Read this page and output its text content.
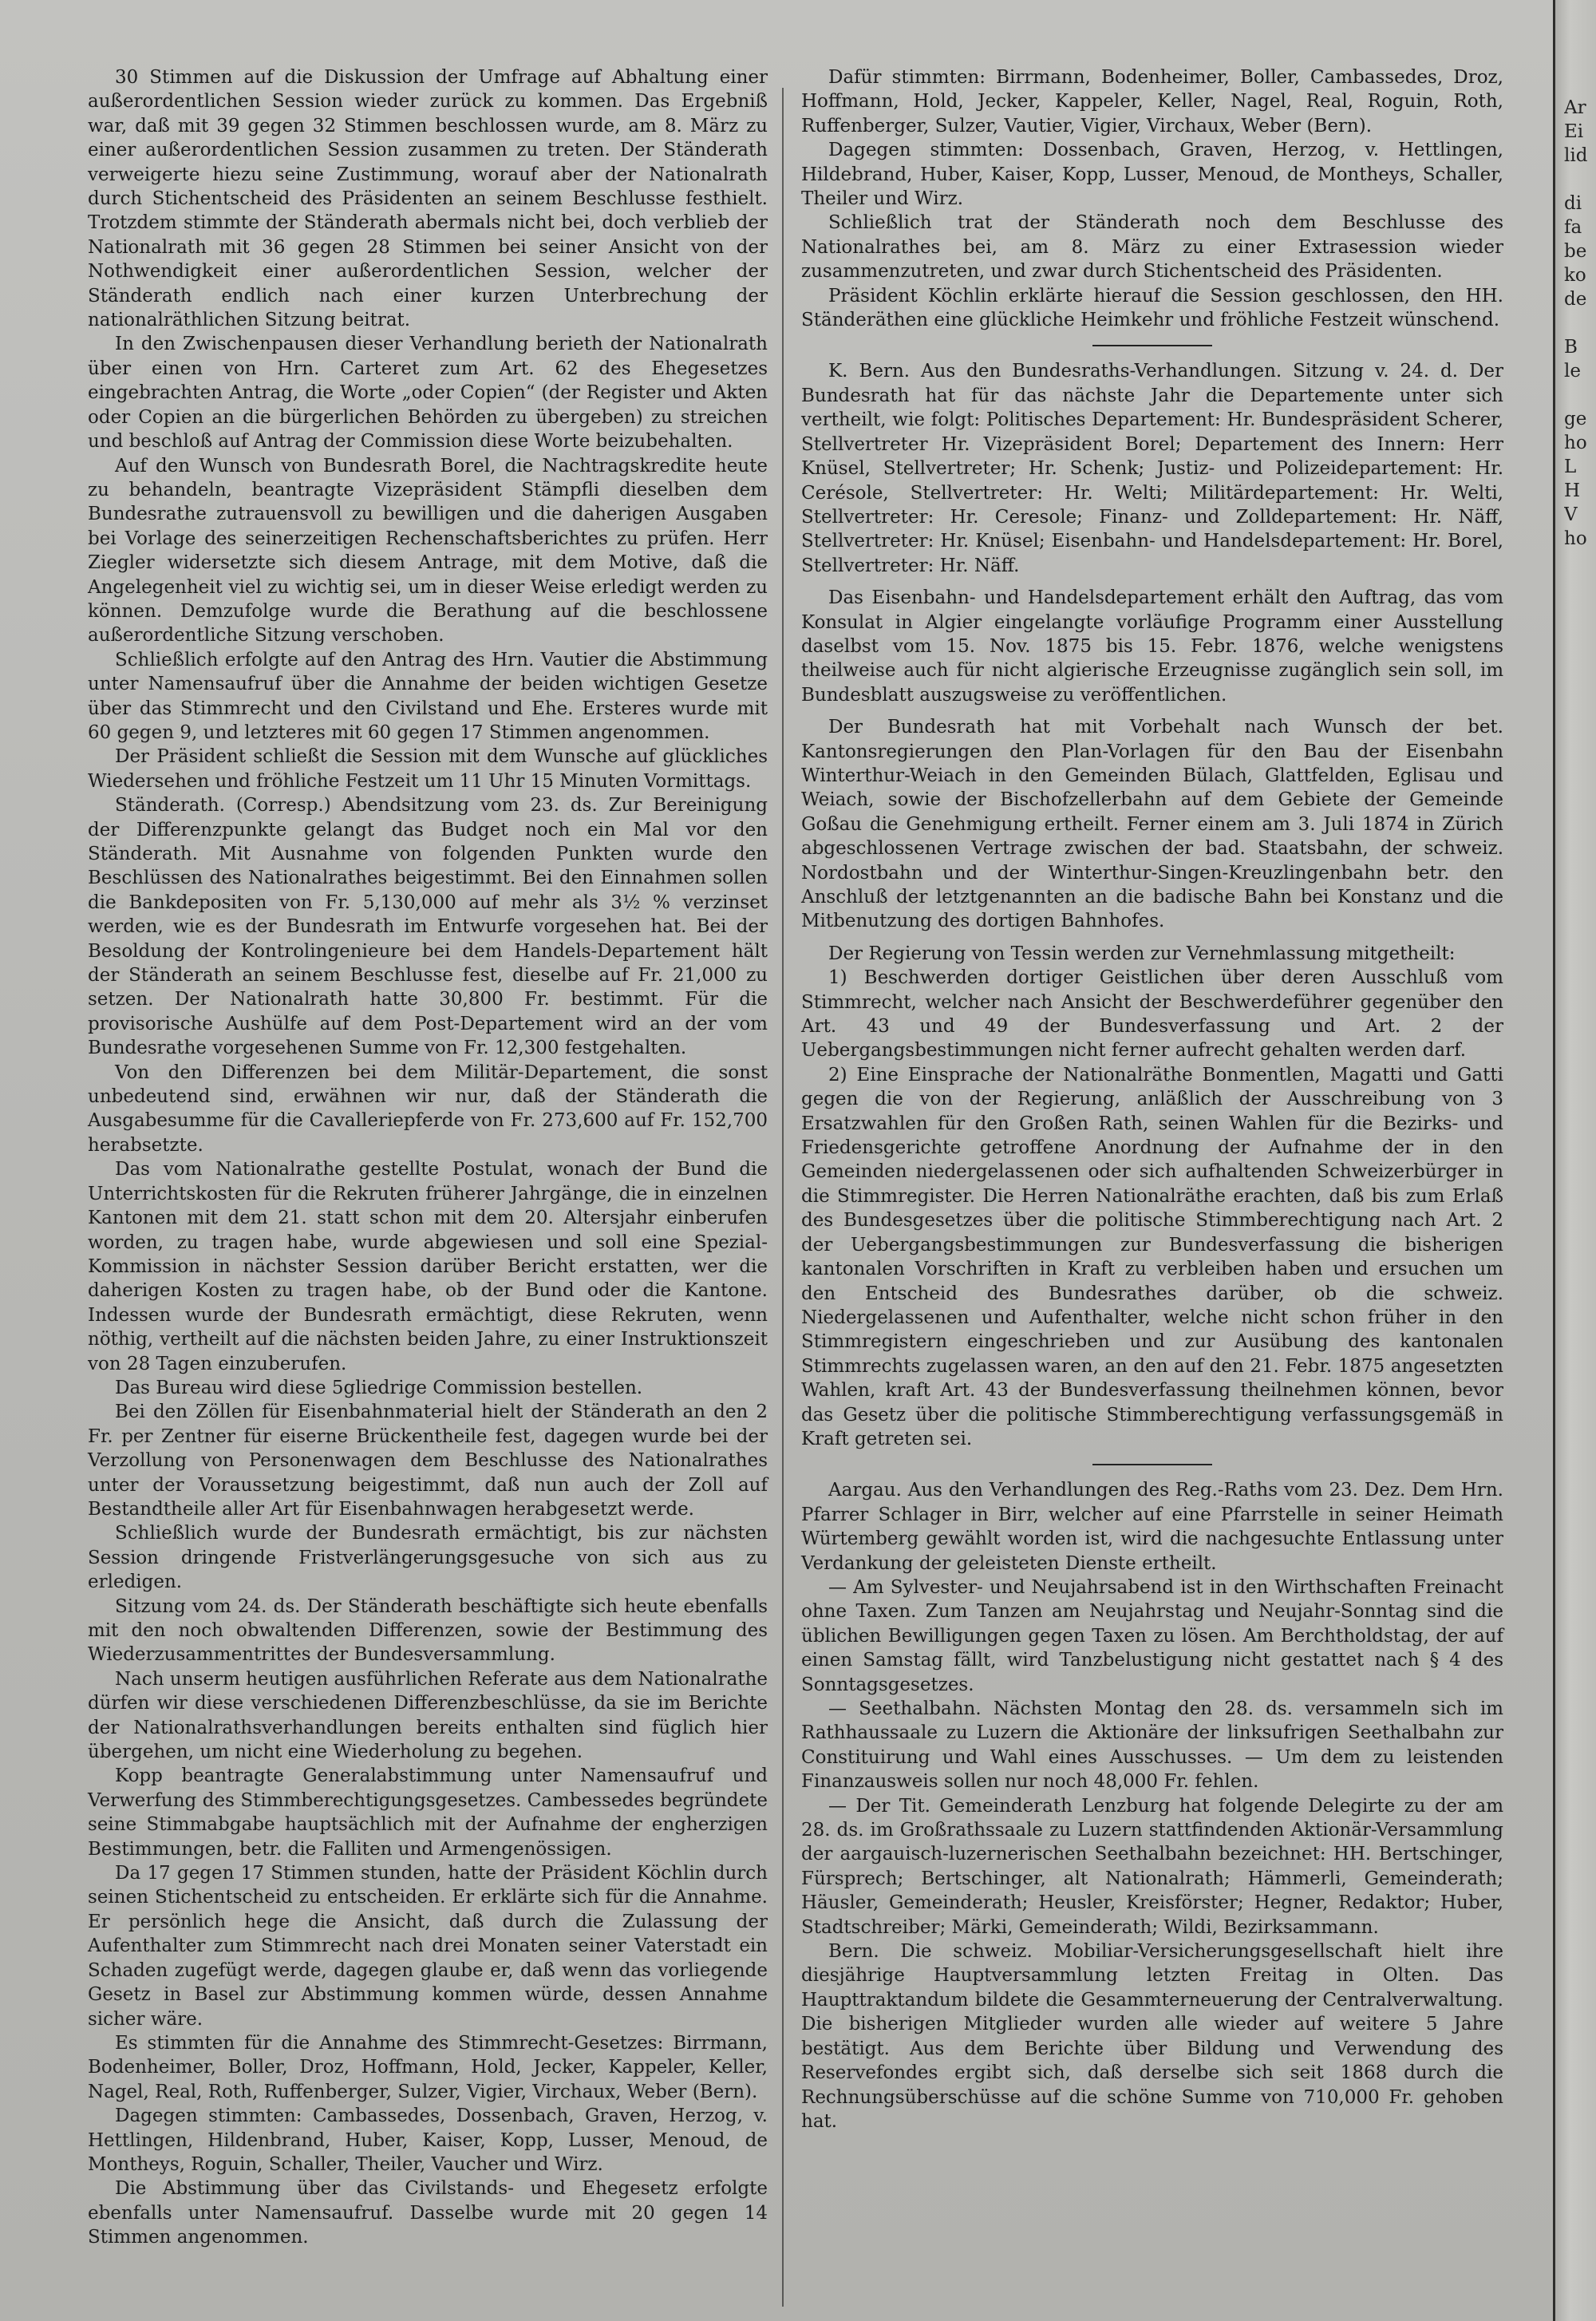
30 Stimmen auf die Diskussion der Umfrage auf Abhaltung einer außerordentlichen Session wieder zurück zu kommen. Das Ergebniß war, daß mit 39 gegen 32 Stimmen beschlossen wurde, am 8. März zu einer außerordentlichen Session zusammen zu treten. Der Ständerath verweigerte hiezu seine Zustimmung, worauf aber der Nationalrath durch Stichentscheid des Präsidenten an seinem Beschlusse festhielt. Trotzdem stimmte der Ständerath abermals nicht bei, doch verblieb der Nationalrath mit 36 gegen 28 Stimmen bei seiner Ansicht von der Nothwendigkeit einer außerordentlichen Session, welcher der Ständerath endlich nach einer kurzen Unterbrechung der nationalräthlichen Sitzung beitrat.

In den Zwischenpausen dieser Verhandlung berieth der Nationalrath über einen von Hrn. Carteret zum Art. 62 des Ehegesetzes eingebrachten Antrag, die Worte „oder Copien“ (der Register und Akten oder Copien an die bürgerlichen Behörden zu übergeben) zu streichen und beschloß auf Antrag der Commission diese Worte beizubehalten.

Auf den Wunsch von Bundesrath Borel, die Nachtragskredite heute zu behandeln, beantragte Vizepräsident Stämpfli dieselben dem Bundesrathe zutrauensvoll zu bewilligen und die daherigen Ausgaben bei Vorlage des seinerzeitigen Rechenschaftsberichtes zu prüfen. Herr Ziegler widersetzte sich diesem Antrage, mit dem Motive, daß die Angelegenheit viel zu wichtig sei, um in dieser Weise erledigt werden zu können. Demzufolge wurde die Berathung auf die beschlossene außerordentliche Sitzung verschoben.

Schließlich erfolgte auf den Antrag des Hrn. Vautier die Abstimmung unter Namensaufruf über die Annahme der beiden wichtigen Gesetze über das Stimmrecht und den Civilstand und Ehe. Ersteres wurde mit 60 gegen 9, und letzteres mit 60 gegen 17 Stimmen angenommen.

Der Präsident schließt die Session mit dem Wunsche auf glückliches Wiedersehen und fröhliche Festzeit um 11 Uhr 15 Minuten Vormittags.

Ständerath. (Corresp.) Abendsitzung vom 23. ds. Zur Bereinigung der Differenzpunkte gelangt das Budget noch ein Mal vor den Ständerath. Mit Ausnahme von folgenden Punkten wurde den Beschlüssen des Nationalrathes beigestimmt. Bei den Einnahmen sollen die Bankdepositen von Fr. 5,130,000 auf mehr als 3½ % verzinset werden, wie es der Bundesrath im Entwurfe vorgesehen hat. Bei der Besoldung der Kontrolingenieure bei dem Handels-Departement hält der Ständerath an seinem Beschlusse fest, dieselbe auf Fr. 21,000 zu setzen. Der Nationalrath hatte 30,800 Fr. bestimmt. Für die provisorische Aushülfe auf dem Post-Departement wird an der vom Bundesrathe vorgesehenen Summe von Fr. 12,300 festgehalten.

Von den Differenzen bei dem Militär-Departement, die sonst unbedeutend sind, erwähnen wir nur, daß der Ständerath die Ausgabesumme für die Cavalleriepferde von Fr. 273,600 auf Fr. 152,700 herabsetzte.

Das vom Nationalrathe gestellte Postulat, wonach der Bund die Unterrichtskosten für die Rekruten früherer Jahrgänge, die in einzelnen Kantonen mit dem 21. statt schon mit dem 20. Altersjahr einberufen worden, zu tragen habe, wurde abgewiesen und soll eine Spezial-Kommission in nächster Session darüber Bericht erstatten, wer die daherigen Kosten zu tragen habe, ob der Bund oder die Kantone. Indessen wurde der Bundesrath ermächtigt, diese Rekruten, wenn nöthig, vertheilt auf die nächsten beiden Jahre, zu einer Instruktionszeit von 28 Tagen einzuberufen.

Das Bureau wird diese 5gliedrige Commission bestellen.

Bei den Zöllen für Eisenbahnmaterial hielt der Ständerath an den 2 Fr. per Zentner für eiserne Brückentheile fest, dagegen wurde bei der Verzollung von Personenwagen dem Beschlusse des Nationalrathes unter der Voraussetzung beigestimmt, daß nun auch der Zoll auf Bestandtheile aller Art für Eisenbahnwagen herabgesetzt werde.

Schließlich wurde der Bundesrath ermächtigt, bis zur nächsten Session dringende Fristverlängerungsgesuche von sich aus zu erledigen.

Sitzung vom 24. ds. Der Ständerath beschäftigte sich heute ebenfalls mit den noch obwaltenden Differenzen, sowie der Bestimmung des Wiederzusammentrittes der Bundesversammlung.

Nach unserm heutigen ausführlichen Referate aus dem Nationalrathe dürfen wir diese verschiedenen Differenzbeschlüsse, da sie im Berichte der Nationalrathsverhandlungen bereits enthalten sind füglich hier übergehen, um nicht eine Wiederholung zu begehen.

Kopp beantragte Generalabstimmung unter Namensaufruf und Verwerfung des Stimmberechtigungsgesetzes. Cambessedes begründete seine Stimmabgabe hauptsächlich mit der Aufnahme der engherzigen Bestimmungen, betr. die Falliten und Armengenössigen.

Da 17 gegen 17 Stimmen stunden, hatte der Präsident Köchlin durch seinen Stichentscheid zu entscheiden. Er erklärte sich für die Annahme. Er persönlich hege die Ansicht, daß durch die Zulassung der Aufenthalter zum Stimmrecht nach drei Monaten seiner Vaterstadt ein Schaden zugefügt werde, dagegen glaube er, daß wenn das vorliegende Gesetz in Basel zur Abstimmung kommen würde, dessen Annahme sicher wäre.

Es stimmten für die Annahme des Stimmrecht-Gesetzes: Birrmann, Bodenheimer, Boller, Droz, Hoffmann, Hold, Jecker, Kappeler, Keller, Nagel, Real, Roth, Ruffenberger, Sulzer, Vigier, Virchaux, Weber (Bern).

Dagegen stimmten: Cambassedes, Dossenbach, Graven, Herzog, v. Hettlingen, Hildenbrand, Huber, Kaiser, Kopp, Lusser, Menoud, de Montheys, Roguin, Schaller, Theiler, Vaucher und Wirz.

Die Abstimmung über das Civilstands- und Ehegesetz erfolgte ebenfalls unter Namensaufruf. Dasselbe wurde mit 20 gegen 14 Stimmen angenommen.

Dafür stimmten: Birrmann, Bodenheimer, Boller, Cambassedes, Droz, Hoffmann, Hold, Jecker, Kappeler, Keller, Nagel, Real, Roguin, Roth, Ruffenberger, Sulzer, Vautier, Vigier, Virchaux, Weber (Bern).

Dagegen stimmten: Dossenbach, Graven, Herzog, v. Hettlingen, Hildebrand, Huber, Kaiser, Kopp, Lusser, Menoud, de Montheys, Schaller, Theiler und Wirz.

Schließlich trat der Ständerath noch dem Beschlusse des Nationalrathes bei, am 8. März zu einer Extrasession wieder zusammenzutreten, und zwar durch Stichentscheid des Präsidenten.

Präsident Köchlin erklärte hierauf die Session geschlossen, den HH. Ständeräthen eine glückliche Heimkehr und fröhliche Festzeit wünschend.

K. Bern. Aus den Bundesraths-Verhandlungen. Sitzung v. 24. d. Der Bundesrath hat für das nächste Jahr die Departemente unter sich vertheilt, wie folgt: Politisches Departement: Hr. Bundespräsident Scherer, Stellvertreter Hr. Vizepräsident Borel; Departement des Innern: Herr Knüsel, Stellvertreter; Hr. Schenk; Justiz- und Polizeidepartement: Hr. Cerésole, Stellvertreter: Hr. Welti; Militärdepartement: Hr. Welti, Stellvertreter: Hr. Ceresole; Finanz- und Zolldepartement: Hr. Näff, Stellvertreter: Hr. Knüsel; Eisenbahn- und Handelsdepartement: Hr. Borel, Stellvertreter: Hr. Näff.

Das Eisenbahn- und Handelsdepartement erhält den Auftrag, das vom Konsulat in Algier eingelangte vorläufige Programm einer Ausstellung daselbst vom 15. Nov. 1875 bis 15. Febr. 1876, welche wenigstens theilweise auch für nicht algierische Erzeugnisse zugänglich sein soll, im Bundesblatt auszugsweise zu veröffentlichen.

Der Bundesrath hat mit Vorbehalt nach Wunsch der bet. Kantonsregierungen den Plan-Vorlagen für den Bau der Eisenbahn Winterthur-Weiach in den Gemeinden Bülach, Glattfelden, Eglisau und Weiach, sowie der Bischofzellerbahn auf dem Gebiete der Gemeinde Goßau die Genehmigung ertheilt. Ferner einem am 3. Juli 1874 in Zürich abgeschlossenen Vertrage zwischen der bad. Staatsbahn, der schweiz. Nordostbahn und der Winterthur-Singen-Kreuzlingenbahn betr. den Anschluß der letztgenannten an die badische Bahn bei Konstanz und die Mitbenutzung des dortigen Bahnhofes.

Der Regierung von Tessin werden zur Vernehmlassung mitgetheilt:

1) Beschwerden dortiger Geistlichen über deren Ausschluß vom Stimmrecht, welcher nach Ansicht der Beschwerdeführer gegenüber den Art. 43 und 49 der Bundesverfassung und Art. 2 der Uebergangsbestimmungen nicht ferner aufrecht gehalten werden darf.

2) Eine Einsprache der Nationalräthe Bonmentlen, Magatti und Gatti gegen die von der Regierung, anläßlich der Ausschreibung von 3 Ersatzwahlen für den Großen Rath, seinen Wahlen für die Bezirks- und Friedensgerichte getroffene Anordnung der Aufnahme der in den Gemeinden niedergelassenen oder sich aufhaltenden Schweizerbürger in die Stimmregister. Die Herren Nationalräthe erachten, daß bis zum Erlaß des Bundesgesetzes über die politische Stimmberechtigung nach Art. 2 der Uebergangsbestimmungen zur Bundesverfassung die bisherigen kantonalen Vorschriften in Kraft zu verbleiben haben und ersuchen um den Entscheid des Bundesrathes darüber, ob die schweiz. Niedergelassenen und Aufenthalter, welche nicht schon früher in den Stimmregistern eingeschrieben und zur Ausübung des kantonalen Stimmrechts zugelassen waren, an den auf den 21. Febr. 1875 angesetzten Wahlen, kraft Art. 43 der Bundesverfassung theilnehmen können, bevor das Gesetz über die politische Stimmberechtigung verfassungsgemäß in Kraft getreten sei.

Aargau. Aus den Verhandlungen des Reg.-Raths vom 23. Dez. Dem Hrn. Pfarrer Schlager in Birr, welcher auf eine Pfarrstelle in seiner Heimath Würtemberg gewählt worden ist, wird die nachgesuchte Entlassung unter Verdankung der geleisteten Dienste ertheilt.

— Am Sylvester- und Neujahrsabend ist in den Wirthschaften Freinacht ohne Taxen. Zum Tanzen am Neujahrstag und Neujahr-Sonntag sind die üblichen Bewilligungen gegen Taxen zu lösen. Am Berchtholdstag, der auf einen Samstag fällt, wird Tanzbelustigung nicht gestattet nach § 4 des Sonntagsgesetzes.

— Seethalbahn. Nächsten Montag den 28. ds. versammeln sich im Rathhaussaale zu Luzern die Aktionäre der linksufrigen Seethalbahn zur Constituirung und Wahl eines Ausschusses. — Um dem zu leistenden Finanzausweis sollen nur noch 48,000 Fr. fehlen.

— Der Tit. Gemeinderath Lenzburg hat folgende Delegirte zu der am 28. ds. im Großrathssaale zu Luzern stattfindenden Aktionär-Versammlung der aargauisch-luzernerischen Seethalbahn bezeichnet: HH. Bertschinger, Fürsprech; Bertschinger, alt Nationalrath; Hämmerli, Gemeinderath; Häusler, Gemeinderath; Heusler, Kreisförster; Hegner, Redaktor; Huber, Stadtschreiber; Märki, Gemeinderath; Wildi, Bezirksammann.

Bern. Die schweiz. Mobiliar-Versicherungsgesellschaft hielt ihre diesjährige Hauptversammlung letzten Freitag in Olten. Das Haupttraktandum bildete die Gesammterneuerung der Centralverwaltung. Die bisherigen Mitglieder wurden alle wieder auf weitere 5 Jahre bestätigt. Aus dem Berichte über Bildung und Verwendung des Reservefondes ergibt sich, daß derselbe sich seit 1868 durch die Rechnungsüberschüsse auf die schöne Summe von 710,000 Fr. gehoben hat.

Ar
Ei
lid
di
fa
be
ko
de
B
le
ge
ho
L
H
V
ho
